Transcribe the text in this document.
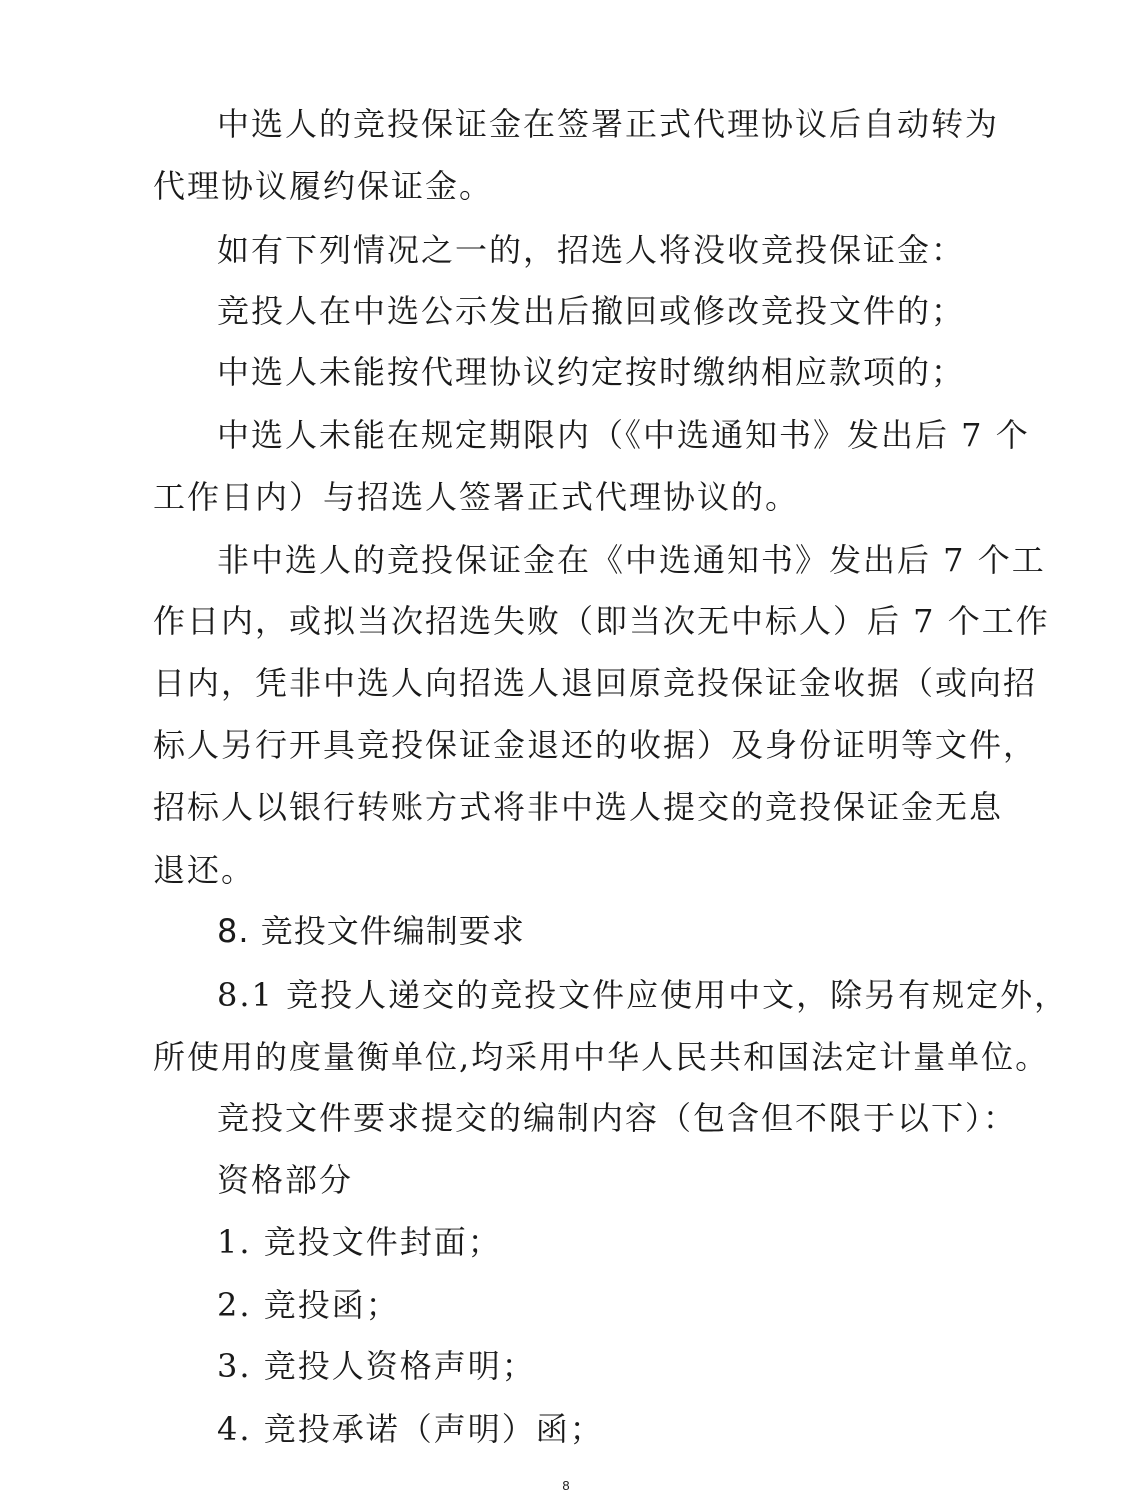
中选人的竞投保证金在签署正式代理协议后自动转为
代理协议履约保证金。
如有下列情况之一的，招选人将没收竞投保证金：
竞投人在中选公示发出后撤回或修改竞投文件的；
中选人未能按代理协议约定按时缴纳相应款项的；
中选人未能在规定期限内（《中选通知书》发出后 7 个
工作日内）与招选人签署正式代理协议的。
非中选人的竞投保证金在《中选通知书》发出后 7 个工
作日内，或拟当次招选失败（即当次无中标人）后 7 个工作
日内，凭非中选人向招选人退回原竞投保证金收据（或向招
标人另行开具竞投保证金退还的收据）及身份证明等文件，
招标人以银行转账方式将非中选人提交的竞投保证金无息
退还。
8. 竞投文件编制要求
8.1 竞投人递交的竞投文件应使用中文，除另有规定外，
所使用的度量衡单位,均采用中华人民共和国法定计量单位。
竞投文件要求提交的编制内容（包含但不限于以下）：
资格部分
1. 竞投文件封面；
2. 竞投函；
3. 竞投人资格声明；
4. 竞投承诺（声明）函；
8
